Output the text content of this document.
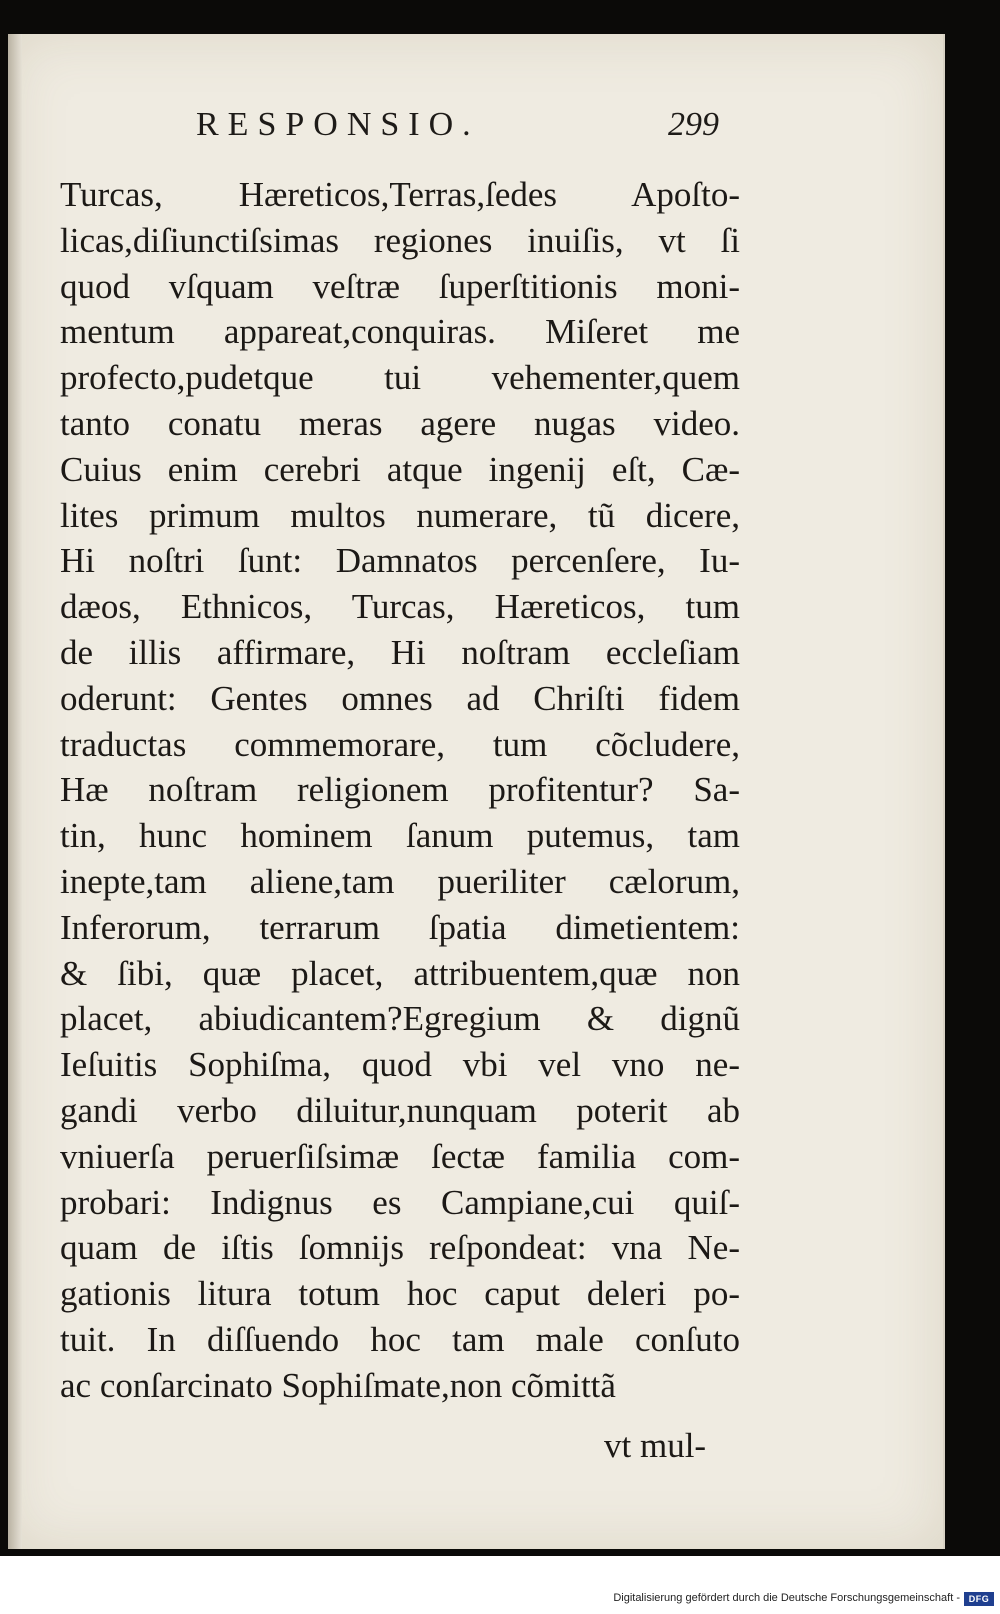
RESPONSIO.	299
Turcas, Hæreticos,Terras,ſedes Apoſto-
licas,diſiunctiſsimas regiones inuiſis, vt ſi
quod vſquam veſtræ ſuperſtitionis moni-
mentum appareat,conquiras. Miſeret me
profecto,pudetque tui vehementer,quem
tanto conatu meras agere nugas video.
Cuius enim cerebri atque ingenij eſt, Cæ-
lites primum multos numerare, tũ dicere,
Hi noſtri ſunt: Damnatos percenſere, Iu-
dæos, Ethnicos, Turcas, Hæreticos, tum
de illis affirmare, Hi noſtram eccleſiam
oderunt: Gentes omnes ad Chriſti fidem
traductas commemorare, tum cõcludere,
Hæ noſtram religionem profitentur? Sa-
tin, hunc hominem ſanum putemus, tam
inepte,tam aliene,tam pueriliter cælorum,
Inferorum, terrarum ſpatia dimetientem:
& ſibi, quæ placet, attribuentem,quæ non
placet, abiudicantem?Egregium & dignũ
Ieſuitis Sophiſma, quod vbi vel vno ne-
gandi verbo diluitur,nunquam poterit ab
vniuerſa peruerſiſsimæ ſectæ familia com-
probari: Indignus es Campiane,cui quiſ-
quam de iſtis ſomnijs reſpondeat: vna Ne-
gationis litura totum hoc caput deleri po-
tuit. In diſſuendo hoc tam male conſuto
ac conſarcinato Sophiſmate,non cõmittã
vt mul-
Digitalisierung gefördert durch die Deutsche Forschungsgemeinschaft - DFG
